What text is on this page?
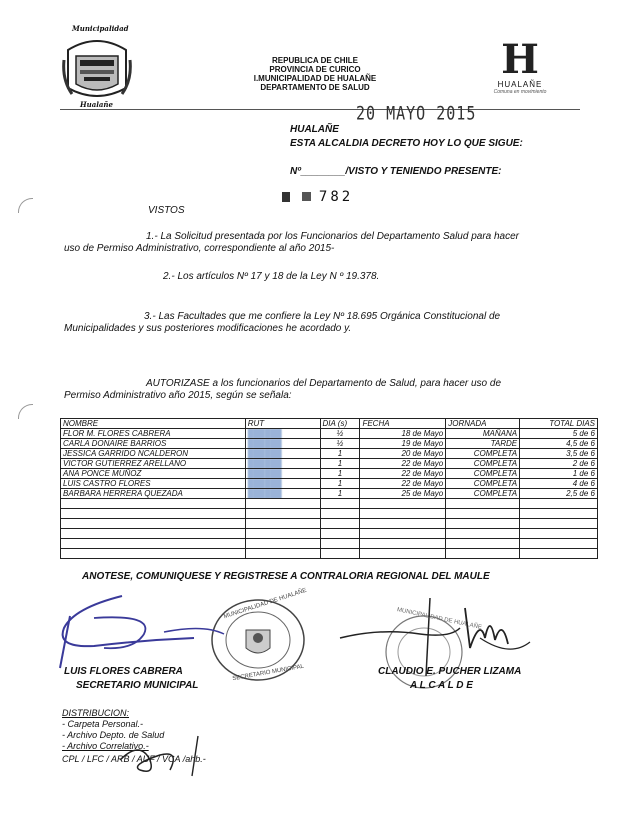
Municipalidad
Hualañe
REPUBLICA DE CHILE
PROVINCIA DE CURICO
I.MUNICIPALIDAD DE HUALAÑE
DEPARTAMENTO DE SALUD
H
HUALAÑE
Comuna en movimiento
20 MAYO 2015
HUALAÑE
ESTA ALCALDIA DECRETO HOY LO QUE SIGUE:
Nº________/VISTO Y TENIENDO PRESENTE:
782
VISTOS
1.- La Solicitud presentada por los Funcionarios del Departamento Salud para hacer
uso de Permiso Administrativo, correspondiente al año 2015-
2.- Los artículos Nº 17 y 18 de la Ley N º 19.378.
3.- Las Facultades que me confiere la Ley Nº 18.695 Orgánica Constitucional de
Municipalidades y sus posteriores modificaciones he acordado y.
AUTORIZASE a los funcionarios del Departamento de Salud, para hacer uso de
Permiso Administrativo año 2015, según se señala:
NOMBRE	RUT	DIA (s)	FECHA	JORNADA	TOTAL DIAS
FLOR M. FLORES CABRERA	██████	½	18 de Mayo	MAÑANA	5 de 6
CARLA DONAIRE BARRIOS	██████	½	19 de Mayo	TARDE	4,5 de 6
JESSICA GARRIDO NCALDERON	██████	1	20 de Mayo	COMPLETA	3,5 de 6
VICTOR GUTIERREZ ARELLANO	██████	1	22 de Mayo	COMPLETA	2 de 6
ANA PONCE MUÑOZ	██████	1	22 de Mayo	COMPLETA	1 de 6
LUIS CASTRO FLORES	██████	1	22 de Mayo	COMPLETA	4 de 6
BARBARA HERRERA QUEZADA	██████	1	25 de Mayo	COMPLETA	2,5 de 6

ANOTESE, COMUNIQUESE Y REGISTRESE A CONTRALORIA REGIONAL DEL MAULE
MUNICIPALIDAD DE HUALAÑE
SECRETARIO MUNICIPAL
MUNICIPALIDAD DE HUALAÑE
LUIS FLORES CABRERA
SECRETARIO MUNICIPAL
CLAUDIO E. PUCHER LIZAMA
A L C A L D E
DISTRIBUCION:
- Carpeta Personal.-
- Archivo Depto. de Salud
- Archivo Correlativo.-
CPL / LFC / ARB / AUF / VCA /ahb.-
